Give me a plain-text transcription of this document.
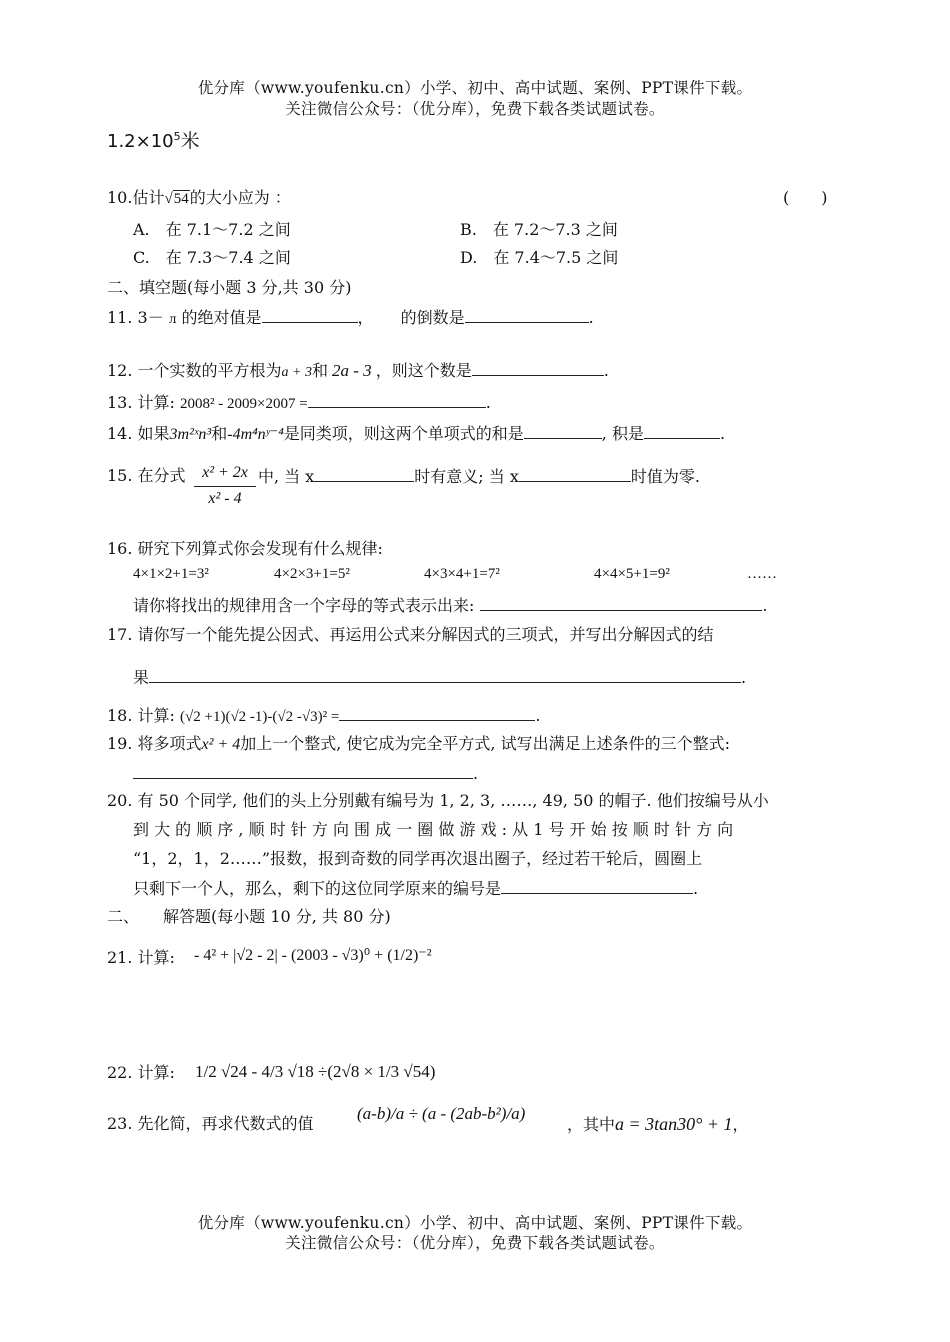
优分库（www.youfenku.cn）小学、初中、高中试题、案例、PPT课件下载。
关注微信公众号：（优分库），免费下载各类试题试卷。
$1.2\times 10^5$米
10.估计√54的大小应为 ：	(　　)
A.　在 7.1～7.2 之间	B.　在 7.2～7.3 之间
C.　在 7.3～7.4 之间	D.　在 7.4～7.5 之间
二、填空题(每小题 3 分,共 30 分)
11. 3－ л 的绝对值是	， 的倒数是	.
12. 一个实数的平方根为a + 3和 2a - 3 ，则这个数是	.
13. 计算: 2008² - 2009×2007 =	.
14. 如果3m²ˣn³和-4m⁴nʸ⁻⁴是同类项，则这两个单项式的和是	, 积是	.
15. 在分式 $\frac{\text{x² + 2x}}{\text{x² - 4}}$ 中, 当 x	时有意义; 当 x	时值为零.
16. 研究下列算式你会发现有什么规律:
4×1×2+1=3²	4×2×3+1=5²	4×3×4+1=7²	4×4×5+1=9²	……
请你将找出的规律用含一个字母的等式表示出来:	.
17. 请你写一个能先提公因式、再运用公式来分解因式的三项式，并写出分解因式的结
果	.
18. 计算: (√2 +1)(√2 -1)-(√2 -√3)² =	.
19. 将多项式x² + 4加上一个整式, 使它成为完全平方式, 试写出满足上述条件的三个整式:
.
20. 有 50 个同学, 他们的头上分别戴有编号为 1, 2, 3, ……, 49, 50 的帽子. 他们按编号从小
到 大 的 顺 序 , 顺 时 针 方 向 围 成 一 圈 做 游 戏 : 从 1 号 开 始 按 顺 时 针 方 向
“1，2，1，2……”报数，报到奇数的同学再次退出圈子，经过若干轮后，圆圈上
只剩下一个人，那么，剩下的这位同学原来的编号是	.
二、　　解答题(每小题 10 分, 共 80 分)
21. 计算: - 4² + |√2 - 2| - (2003 - √3)⁰ + (1/2)⁻²
22. 计算: 1/2 √24 - 4/3 √18 ÷(2√8 × 1/3 √54)
23. 先化简，再求代数式的值
(a-b)/a ÷ (a - (2ab-b²)/a)
，其中a = 3tan30° + 1，
优分库（www.youfenku.cn）小学、初中、高中试题、案例、PPT课件下载。
关注微信公众号：（优分库），免费下载各类试题试卷。
